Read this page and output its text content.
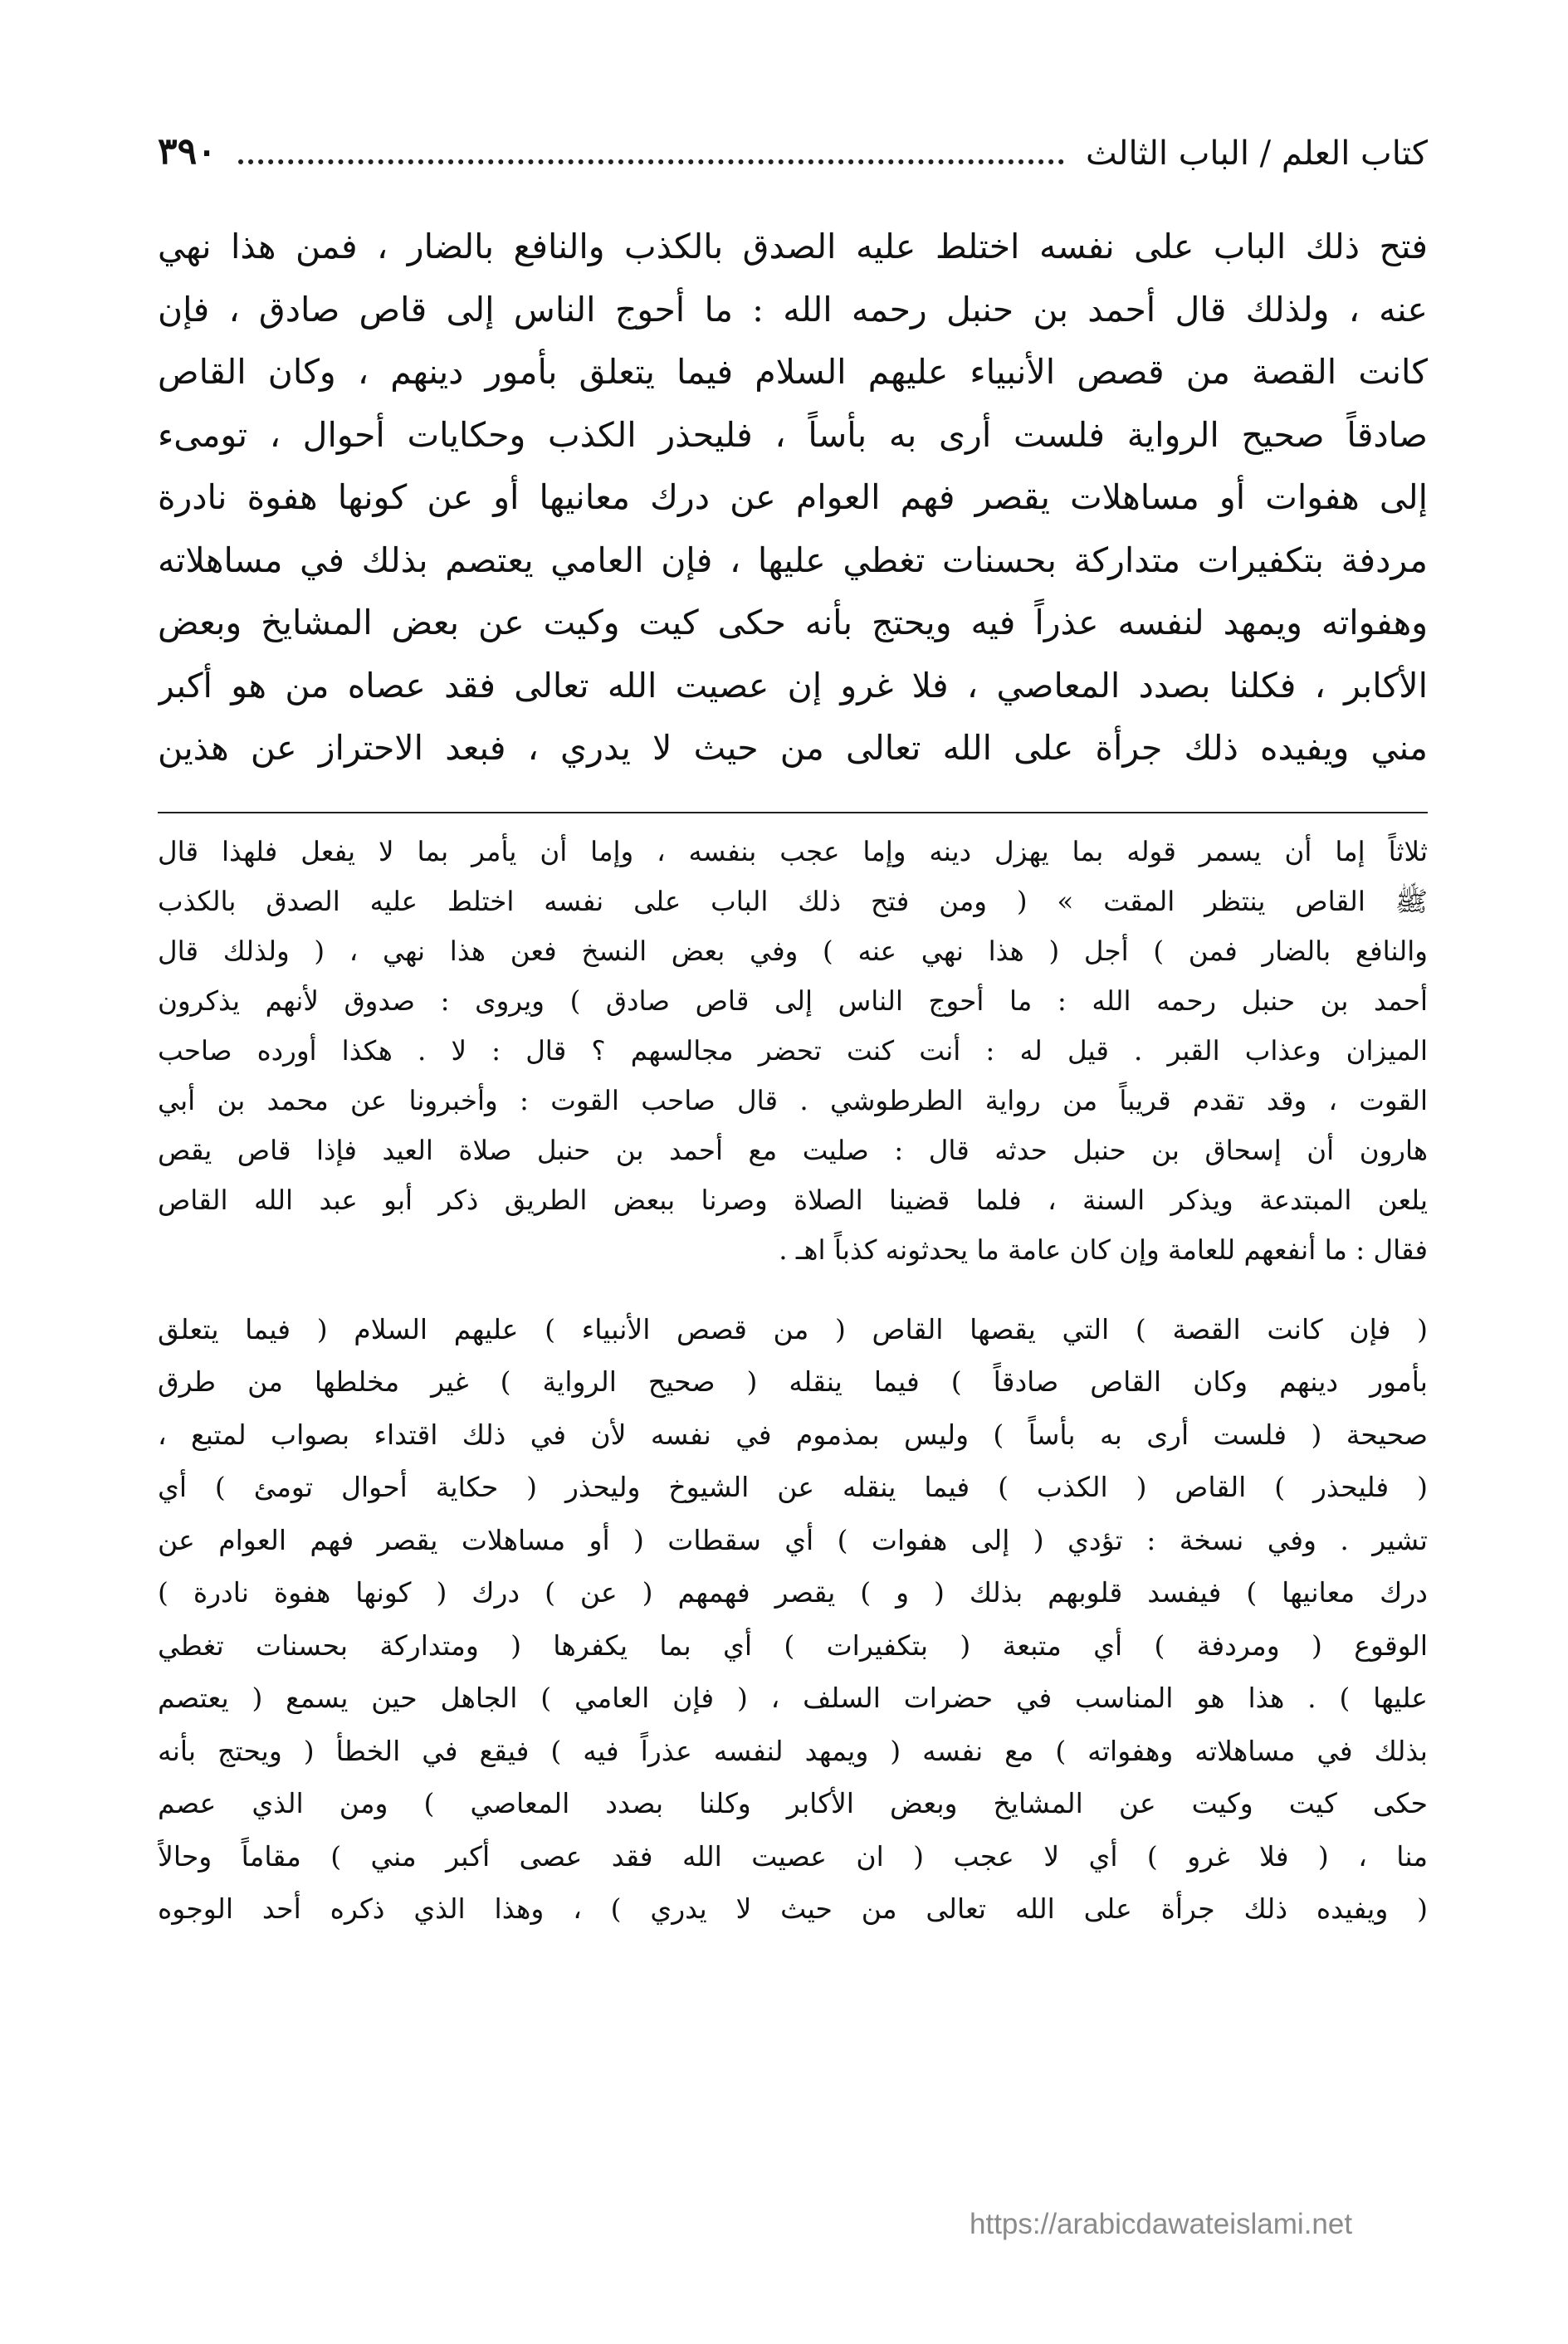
كتاب العلم / الباب الثالث
٣٩٠

فتح ذلك الباب على نفسه اختلط عليه الصدق بالكذب والنافع بالضار ، فمن هذا نهي

عنه ، ولذلك قال أحمد بن حنبل رحمه الله : ما أحوج الناس إلى قاص صادق ، فإن

كانت القصة من قصص الأنبياء عليهم السلام فيما يتعلق بأمور دينهم ، وكان القاص

صادقاً صحيح الرواية فلست أرى به بأساً ، فليحذر الكذب وحكايات أحوال ، تومىء

إلى هفوات أو مساهلات يقصر فهم العوام عن درك معانيها أو عن كونها هفوة نادرة

مردفة بتكفيرات متداركة بحسنات تغطي عليها ، فإن العامي يعتصم بذلك في مساهلاته

وهفواته ويمهد لنفسه عذراً فيه ويحتج بأنه حكى كيت وكيت عن بعض المشايخ وبعض

الأكابر ، فكلنا بصدد المعاصي ، فلا غرو إن عصيت الله تعالى فقد عصاه من هو أكبر

مني ويفيده ذلك جرأة على الله تعالى من حيث لا يدري ، فبعد الاحتراز عن هذين

ثلاثاً إما أن يسمر قوله بما يهزل دينه وإما عجب بنفسه ، وإما أن يأمر بما لا يفعل فلهذا قال

ﷺ القاص ينتظر المقت » ( ومن فتح ذلك الباب على نفسه اختلط عليه الصدق بالكذب

والنافع بالضار فمن ) أجل ( هذا نهي عنه ) وفي بعض النسخ فعن هذا نهي ، ( ولذلك قال

أحمد بن حنبل رحمه الله : ما أحوج الناس إلى قاص صادق ) ويروى : صدوق لأنهم يذكرون

الميزان وعذاب القبر . قيل له : أنت كنت تحضر مجالسهم ؟ قال : لا . هكذا أورده صاحب

القوت ، وقد تقدم قريباً من رواية الطرطوشي . قال صاحب القوت : وأخبرونا عن محمد بن أبي

هارون أن إسحاق بن حنبل حدثه قال : صليت مع أحمد بن حنبل صلاة العيد فإذا قاص يقص

يلعن المبتدعة ويذكر السنة ، فلما قضينا الصلاة وصرنا ببعض الطريق ذكر أبو عبد الله القاص

فقال : ما أنفعهم للعامة وإن كان عامة ما يحدثونه كذباً اهـ .

( فإن كانت القصة ) التي يقصها القاص ( من قصص الأنبياء ) عليهم السلام ( فيما يتعلق

بأمور دينهم وكان القاص صادقاً ) فيما ينقله ( صحيح الرواية ) غير مخلطها من طرق

صحيحة ( فلست أرى به بأساً ) وليس بمذموم في نفسه لأن في ذلك اقتداء بصواب لمتبع ،

( فليحذر ) القاص ( الكذب ) فيما ينقله عن الشيوخ وليحذر ( حكاية أحوال تومئ ) أي

تشير . وفي نسخة : تؤدي ( إلى هفوات ) أي سقطات ( أو مساهلات يقصر فهم العوام عن

درك معانيها ) فيفسد قلوبهم بذلك ( و ) يقصر فهمهم ( عن ) درك ( كونها هفوة نادرة )

الوقوع ( ومردفة ) أي متبعة ( بتكفيرات ) أي بما يكفرها ( ومتداركة بحسنات تغطي

عليها ) . هذا هو المناسب في حضرات السلف ، ( فإن العامي ) الجاهل حين يسمع ( يعتصم

بذلك في مساهلاته وهفواته ) مع نفسه ( ويمهد لنفسه عذراً فيه ) فيقع في الخطأ ( ويحتج بأنه

حكى كيت وكيت عن المشايخ وبعض الأكابر وكلنا بصدد المعاصي ) ومن الذي عصم

منا ، ( فلا غرو ) أي لا عجب ( ان عصيت الله فقد عصى أكبر مني ) مقاماً وحالاً

( ويفيده ذلك جرأة على الله تعالى من حيث لا يدري ) ، وهذا الذي ذكره أحد الوجوه

https://arabicdawateislami.net
